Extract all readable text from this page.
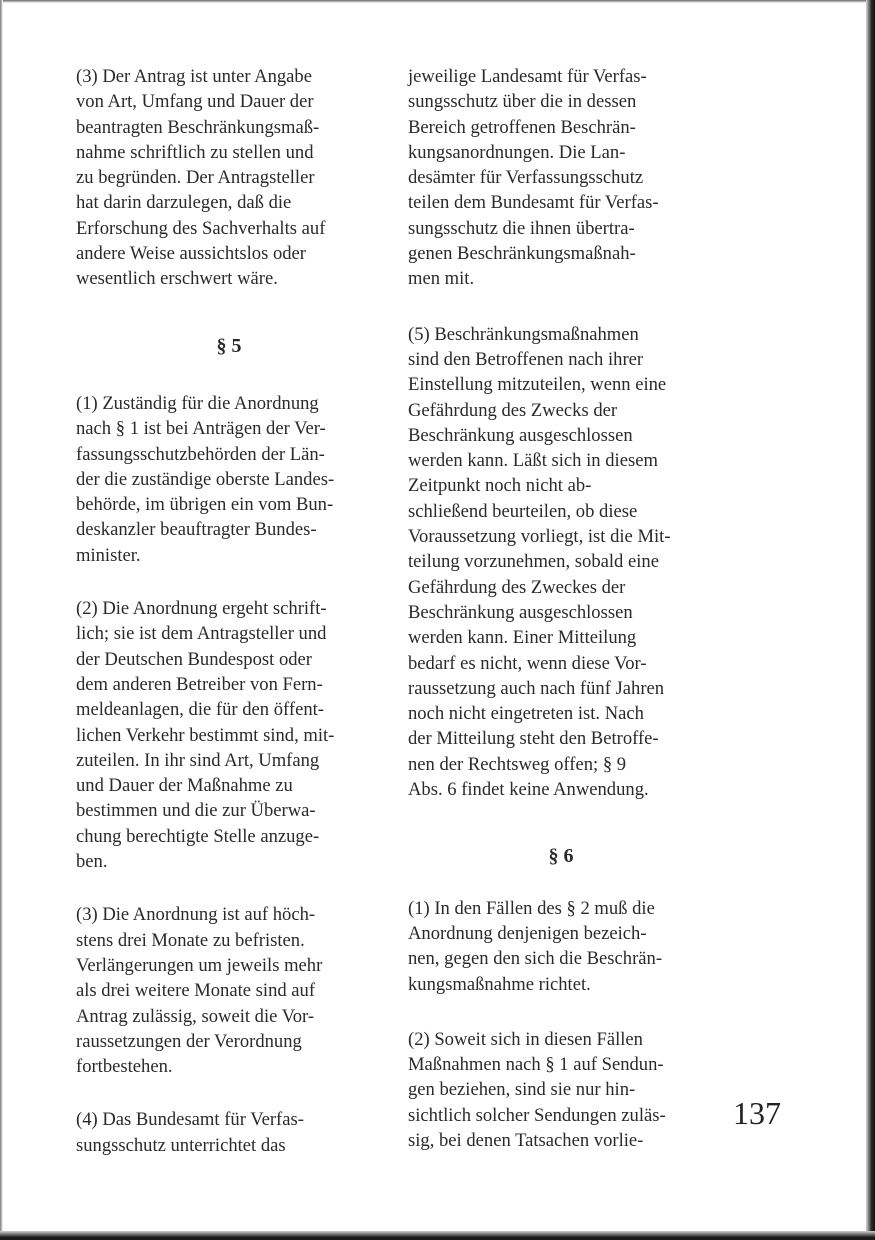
(3) Der Antrag ist unter Angabe
von Art, Umfang und Dauer der
beantragten Beschränkungsmaß-
nahme schriftlich zu stellen und
zu begründen. Der Antragsteller
hat darin darzulegen, daß die
Erforschung des Sachverhalts auf
andere Weise aussichtslos oder
wesentlich erschwert wäre.

§ 5

(1) Zuständig für die Anordnung
nach § 1 ist bei Anträgen der Ver-
fassungsschutzbehörden der Län-
der die zuständige oberste Landes-
behörde, im übrigen ein vom Bun-
deskanzler beauftragter Bundes-
minister.

(2) Die Anordnung ergeht schrift-
lich; sie ist dem Antragsteller und
der Deutschen Bundespost oder
dem anderen Betreiber von Fern-
meldeanlagen, die für den öffent-
lichen Verkehr bestimmt sind, mit-
zuteilen. In ihr sind Art, Umfang
und Dauer der Maßnahme zu
bestimmen und die zur Überwa-
chung berechtigte Stelle anzuge-
ben.

(3) Die Anordnung ist auf höch-
stens drei Monate zu befristen.
Verlängerungen um jeweils mehr
als drei weitere Monate sind auf
Antrag zulässig, soweit die Vor-
raussetzungen der Verordnung
fortbestehen.

(4) Das Bundesamt für Verfas-
sungsschutz unterrichtet das

jeweilige Landesamt für Verfas-
sungsschutz über die in dessen
Bereich getroffenen Beschrän-
kungsanordnungen. Die Lan-
desämter für Verfassungsschutz
teilen dem Bundesamt für Verfas-
sungsschutz die ihnen übertra-
genen Beschränkungsmaßnah-
men mit.

(5) Beschränkungsmaßnahmen
sind den Betroffenen nach ihrer
Einstellung mitzuteilen, wenn eine
Gefährdung des Zwecks der
Beschränkung ausgeschlossen
werden kann. Läßt sich in diesem
Zeitpunkt noch nicht ab-
schließend beurteilen, ob diese
Voraussetzung vorliegt, ist die Mit-
teilung vorzunehmen, sobald eine
Gefährdung des Zweckes der
Beschränkung ausgeschlossen
werden kann. Einer Mitteilung
bedarf es nicht, wenn diese Vor-
raussetzung auch nach fünf Jahren
noch nicht eingetreten ist. Nach
der Mitteilung steht den Betroffe-
nen der Rechtsweg offen; § 9
Abs. 6 findet keine Anwendung.

§ 6

(1) In den Fällen des § 2 muß die
Anordnung denjenigen bezeich-
nen, gegen den sich die Beschrän-
kungsmaßnahme richtet.

(2) Soweit sich in diesen Fällen
Maßnahmen nach § 1 auf Sendun-
gen beziehen, sind sie nur hin-
sichtlich solcher Sendungen zuläs-
sig, bei denen Tatsachen vorlie-

137
